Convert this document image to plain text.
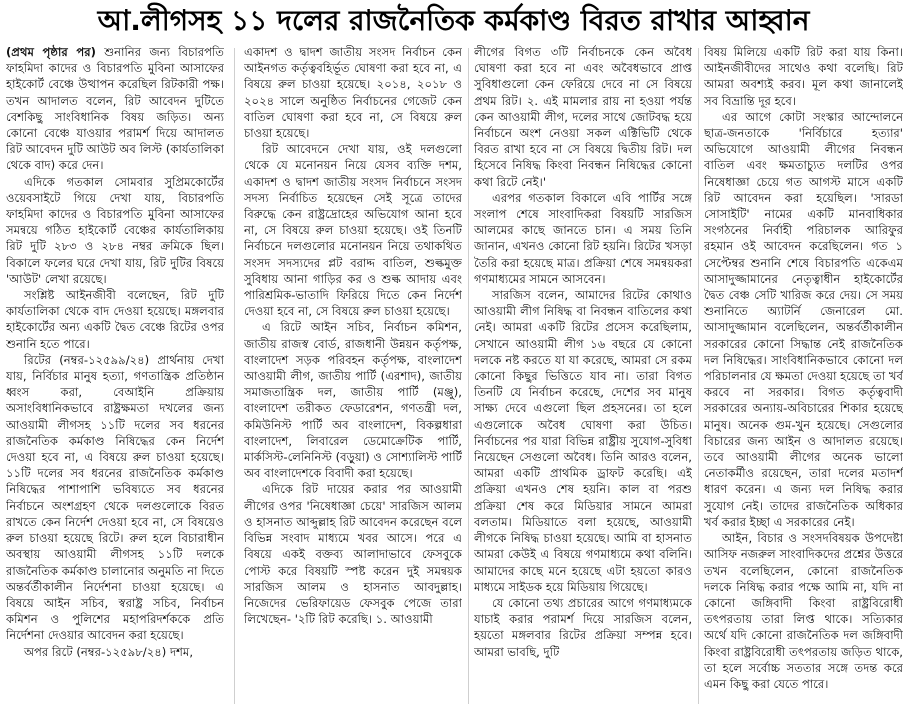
আ.লীগসহ ১১ দলের রাজনৈতিক কর্মকাণ্ড বিরত রাখার আহ্বান

(প্রথম পৃষ্ঠার পর) শুনানির জন্য বিচারপতি ফাহমিদা কাদের ও বিচারপতি মুবিনা আসাফের হাইকোর্ট বেঞ্চে উত্থাপন করেছিল রিটকারী পক্ষ। তখন আদালত বলেন, রিট আবেদন দুটিতে বেশকিছু সাংবিধানিক বিষয় জড়িত। অন্য কোনো বেঞ্চে যাওয়ার পরামর্শ দিয়ে আদালত রিট আবেদন দুটি আউট অব লিস্ট (কার্যতালিকা থেকে বাদ) করে দেন।

এদিকে গতকাল সোমবার সুপ্রিমকোর্টের ওয়েবসাইটে গিয়ে দেখা যায়, বিচারপতি ফাহমিদা কাদের ও বিচারপতি মুবিনা আসাফের সমন্বয়ে গঠিত হাইকোর্ট বেঞ্চের কার্যতালিকায় রিট দুটি ২৮৩ ও ২৮৪ নম্বর ক্রমিকে ছিল। বিকালে ফলের ঘরে দেখা যায়, রিট দুটির বিষয়ে 'আউট' লেখা রয়েছে।

সংশ্লিষ্ট আইনজীবী বলেছেন, রিট দুটি কার্যতালিকা থেকে বাদ দেওয়া হয়েছে। মঙ্গলবার হাইকোর্টের অন্য একটি দ্বৈত বেঞ্চে রিটের ওপর শুনানি হতে পারে।

রিটের (নম্বর-১২৫৯৯/২৪) প্রার্থনায় দেখা যায়, নির্বিচার মানুষ হত্যা, গণতান্ত্রিক প্রতিষ্ঠান ধ্বংস করা, বেআইনি প্রক্রিয়ায় অসাংবিধানিকভাবে রাষ্ট্রক্ষমতা দখলের জন্য আওয়ামী লীগসহ ১১টি দলের সব ধরনের রাজনৈতিক কর্মকাণ্ড নিষিদ্ধের কেন নির্দেশ দেওয়া হবে না, এ বিষয়ে রুল চাওয়া হয়েছে। ১১টি দলের সব ধরনের রাজনৈতিক কর্মকাণ্ড নিষিদ্ধের পাশাপাশি ভবিষ্যতে সব ধরনের নির্বাচনে অংশগ্রহণ থেকে দলগুলোকে বিরত রাখতে কেন নির্দেশ দেওয়া হবে না, সে বিষয়েও রুল চাওয়া হয়েছে রিটে। রুল হলে বিচারাধীন অবস্থায় আওয়ামী লীগসহ ১১টি দলকে রাজনৈতিক কর্মকাণ্ড চালানোর অনুমতি না দিতে অন্তর্বর্তীকালীন নির্দেশনা চাওয়া হয়েছে। এ বিষয়ে আইন সচিব, স্বরাষ্ট্র সচিব, নির্বাচন কমিশন ও পুলিশের মহাপরিদর্শককে প্রতি নির্দেশনা দেওয়ার আবেদন করা হয়েছে।

অপর রিটে (নম্বর-১২৫৯৮/২৪) দশম,

একাদশ ও দ্বাদশ জাতীয় সংসদ নির্বাচন কেন আইনগত কর্তৃত্ববহির্ভূত ঘোষণা করা হবে না, এ বিষয়ে রুল চাওয়া হয়েছে। ২০১৪, ২০১৮ ও ২০২৪ সালে অনুষ্ঠিত নির্বাচনের গেজেট কেন বাতিল ঘোষণা করা হবে না, সে বিষয়ে রুল চাওয়া হয়েছে।

রিট আবেদনে দেখা যায়, ওই দলগুলো থেকে যে মনোনয়ন নিয়ে যেসব ব্যক্তি দশম, একাদশ ও দ্বাদশ জাতীয় সংসদ নির্বাচনে সংসদ সদস্য নির্বাচিত হয়েছেন সেই সূত্রে তাদের বিরুদ্ধে কেন রাষ্ট্রদ্রোহের অভিযোগ আনা হবে না, সে বিষয়ে রুল চাওয়া হয়েছে। ওই তিনটি নির্বাচনে দলগুলোর মনোনয়ন নিয়ে তথাকথিত সংসদ সদস্যদের প্লট বরাদ্দ বাতিল, শুল্কমুক্ত সুবিধায় আনা গাড়ির কর ও শুল্ক আদায় এবং পারিশ্রমিক-ভাতাদি ফিরিয়ে দিতে কেন নির্দেশ দেওয়া হবে না, সে বিষয়ে রুল চাওয়া হয়েছে।

এ রিটে আইন সচিব, নির্বাচন কমিশন, জাতীয় রাজস্ব বোর্ড, রাজধানী উন্নয়ন কর্তৃপক্ষ, বাংলাদেশ সড়ক পরিবহন কর্তৃপক্ষ, বাংলাদেশ আওয়ামী লীগ, জাতীয় পার্টি (এরশাদ), জাতীয় সমাজতান্ত্রিক দল, জাতীয় পার্টি (মঞ্জু), বাংলাদেশ তরীকত ফেডারেশন, গণতন্ত্রী দল, কমিউনিস্ট পার্টি অব বাংলাদেশ, বিকল্পধারা বাংলাদেশ, লিবারেল ডেমোক্রেটিক পার্টি, মার্কসিস্ট-লেনিনিস্ট (বড়ুয়া) ও সোশ্যালিস্ট পার্টি অব বাংলাদেশকে বিবাদী করা হয়েছে।

এদিকে রিট দায়ের করার পর আওয়ামী লীগের ওপর 'নিষেধাজ্ঞা চেয়ে' সারজিস আলম ও হাসনাত আব্দুল্লাহ রিট আবেদন করেছেন বলে বিভিন্ন সংবাদ মাধ্যমে খবর আসে। পরে এ বিষয়ে একই বক্তব্য আলাদাভাবে ফেসবুকে পোস্ট করে বিষয়টি স্পষ্ট করেন দুই সমন্বয়ক সারজিস আলম ও হাসনাত আবদুল্লাহ। নিজেদের ভেরিফায়েড ফেসবুক পেজে তারা লিখেছেন- '২টি রিট করেছি। ১. আওয়ামী

লীগের বিগত ৩টি নির্বাচনকে কেন অবৈধ ঘোষণা করা হবে না এবং অবৈধভাবে প্রাপ্ত সুবিধাগুলো কেন ফেরিয়ে দেবে না সে বিষয়ে প্রথম রিট। ২. এই মামলার রায় না হওয়া পর্যন্ত কেন আওয়ামী লীগ, দলের সাথে জোটবদ্ধ হয়ে নির্বাচনে অংশ নেওয়া সকল এক্টিভিটি থেকে বিরত রাখা হবে না সে বিষয়ে দ্বিতীয় রিট। দল হিসেবে নিষিদ্ধ কিংবা নিবন্ধন নিষিদ্ধের কোনো কথা রিটে নেই।'

এরপর গতকাল বিকালে এবি পার্টির সঙ্গে সংলাপ শেষে সাংবাদিকরা বিষয়টি সারজিস আলমের কাছে জানতে চান। এ সময় তিনি জানান, এখনও কোনো রিট হয়নি। রিটের খসড়া তৈরি করা হয়েছে মাত্র। প্রক্রিয়া শেষে সমন্বয়করা গণমাধ্যমের সামনে আসবেন।

সারজিস বলেন, আমাদের রিটের কোথাও আওয়ামী লীগ নিষিদ্ধ বা নিবন্ধন বাতিলের কথা নেই। আমরা একটি রিটের প্রসেস করেছিলাম, সেখানে আওয়ামী লীগ ১৬ বছরে যে কোনো দলকে নষ্ট করতে যা যা করেছে, আমরা সে রকম কোনো কিছুর ভিত্তিতে যাব না। তারা বিগত তিনটি যে নির্বাচন করেছে, দেশের সব মানুষ সাক্ষ্য দেবে এগুলো ছিল প্রহসনের। তা হলে এগুলোকে অবৈধ ঘোষণা করা উচিত। নির্বাচনের পর যারা বিভিন্ন রাষ্ট্রীয় সুযোগ-সুবিধা নিয়েছেন সেগুলো অবৈধ। তিনি আরও বলেন, আমরা একটি প্রাথমিক ড্রাফট করেছি। এই প্রক্রিয়া এখনও শেষ হয়নি। কাল বা পরশু প্রক্রিয়া শেষ করে মিডিয়ার সামনে আমরা বলতাম। মিডিয়াতে বলা হয়েছে, আওয়ামী লীগকে নিষিদ্ধ চাওয়া হয়েছে। আমি বা হাসনাত আমরা কেউই এ বিষয়ে গণমাধ্যমে কথা বলিনি। আমাদের কাছে মনে হয়েছে এটা হয়তো কারও মাধ্যমে সাইডক হয়ে মিডিয়ায় গিয়েছে।

যে কোনো তথ্য প্রচারের আগে গণমাধ্যমকে যাচাই করার পরামর্শ দিয়ে সারজিস বলেন, হয়তো মঙ্গলবার রিটের প্রক্রিয়া সম্পন্ন হবে। আমরা ভাবছি, দুটি

বিষয় মিলিয়ে একটি রিট করা যায় কিনা। আইনজীবীদের সাথেও কথা বলেছি। রিট আমরা অবশ্যই করব। মূল কথা জানালেই সব বিভ্রান্তি দূর হবে।

এর আগে কোটা সংস্কার আন্দোলনে ছাত্র-জনতাকে 'নির্বিচারে হত্যার' অভিযোগে আওয়ামী লীগের নিবন্ধন বাতিল এবং ক্ষমতাচ্যুত দলটির ওপর নিষেধাজ্ঞা চেয়ে গত আগস্ট মাসে একটি রিট আবেদন করা হয়েছিল। 'সারডা সোসাইটি' নামের একটি মানবাধিকার সংগঠনের নির্বাহী পরিচালক আরিফুর রহমান ওই আবেদন করেছিলেন। গত ১ সেপ্টেম্বর শুনানি শেষে বিচারপতি একেএম আসাদুজ্জামানের নেতৃত্বাধীন হাইকোর্টের দ্বৈত বেঞ্চ সেটি খারিজ করে দেয়। সে সময় শুনানিতে অ্যাটর্নি জেনারেল মো. আসাদুজ্জামান বলেছিলেন, অন্তর্বর্তীকালীন সরকারের কোনো সিদ্ধান্ত নেই রাজনৈতিক দল নিষিদ্ধের। সাংবিধানিকভাবে কোনো দল পরিচালনার যে ক্ষমতা দেওয়া হয়েছে তা খর্ব করবে না সরকার। বিগত কর্তৃত্ববাদী সরকারের অন্যায়-অবিচারের শিকার হয়েছে মানুষ। অনেক গুম-খুন হয়েছে। সেগুলোর বিচারের জন্য আইন ও আদালত রয়েছে। তবে আওয়ামী লীগের অনেক ভালো নেতাকর্মীও রয়েছেন, তারা দলের মতাদর্শ ধারণ করেন। এ জন্য দল নিষিদ্ধ করার সুযোগ নেই। তাদের রাজনৈতিক অধিকার খর্ব করার ইচ্ছা এ সরকারের নেই।

আইন, বিচার ও সংসদবিষয়ক উপদেষ্টা আসিফ নজরুল সাংবাদিকদের প্রশ্নের উত্তরে তখন বলেছিলেন, কোনো রাজনৈতিক দলকে নিষিদ্ধ করার পক্ষে আমি না, যদি না কোনো জঙ্গিবাদী কিংবা রাষ্ট্রবিরোধী তৎপরতায় তারা লিপ্ত থাকে। সত্যিকার অর্থে যদি কোনো রাজনৈতিক দল জঙ্গিবাদী কিংবা রাষ্ট্রবিরোধী তৎপরতায় জড়িত থাকে, তা হলে সর্বোচ্চ সততার সঙ্গে তদন্ত করে এমন কিছু করা যেতে পারে।
